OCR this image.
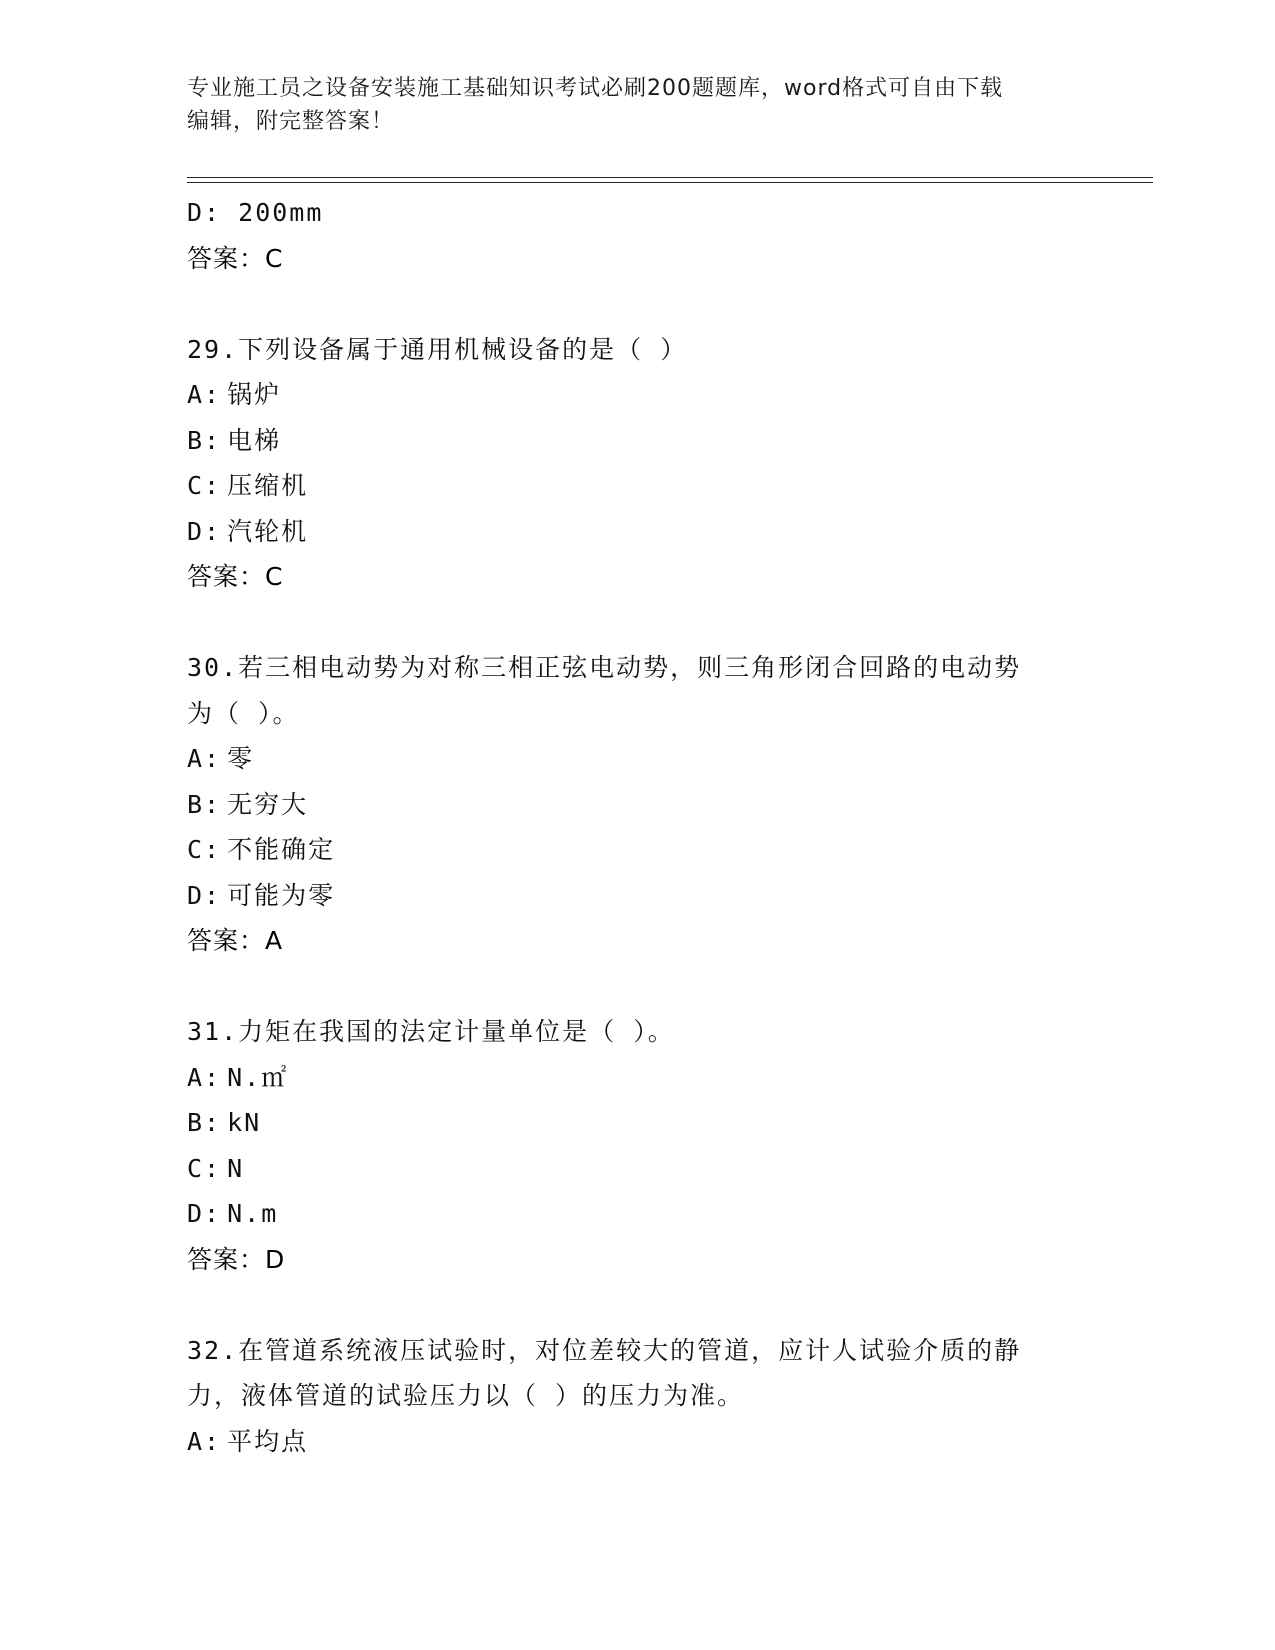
专业施工员之设备安装施工基础知识考试必刷200题题库，word格式可自由下载
编辑，附完整答案！
D: 200mm
答案：C
29.下列设备属于通用机械设备的是（ ）
A: 锅炉
B: 电梯
C: 压缩机
D: 汽轮机
答案：C
30.若三相电动势为对称三相正弦电动势，则三角形闭合回路的电动势
为（ ）。
A: 零
B: 无穷大
C: 不能确定
D: 可能为零
答案：A
31.力矩在我国的法定计量单位是（ ）。
A: N.㎡
B: kN
C: N
D: N.m
答案：D
32.在管道系统液压试验时，对位差较大的管道，应计人试验介质的静
力，液体管道的试验压力以（ ）的压力为准。
A: 平均点
